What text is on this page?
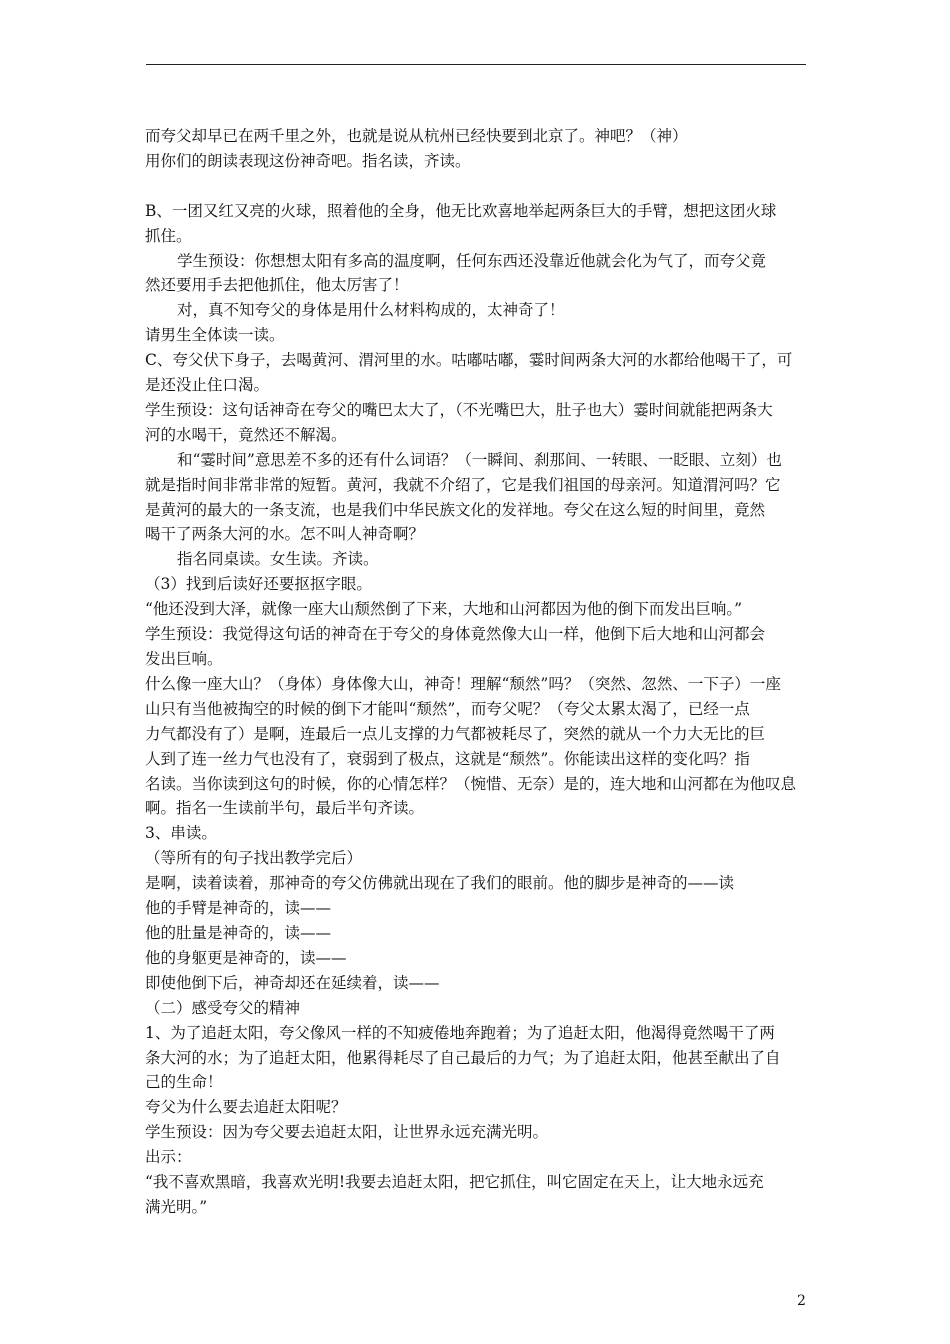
而夸父却早已在两千里之外，也就是说从杭州已经快要到北京了。神吧？（神）

用你们的朗读表现这份神奇吧。指名读，齐读。

B、一团又红又亮的火球，照着他的全身，他无比欢喜地举起两条巨大的手臂，想把这团火球

抓住。

学生预设：你想想太阳有多高的温度啊，任何东西还没靠近他就会化为气了，而夸父竟

然还要用手去把他抓住，他太厉害了！

对，真不知夸父的身体是用什么材料构成的，太神奇了！

请男生全体读一读。

C、夸父伏下身子，去喝黄河、渭河里的水。咕嘟咕嘟，霎时间两条大河的水都给他喝干了，可

是还没止住口渴。

学生预设：这句话神奇在夸父的嘴巴太大了，（不光嘴巴大，肚子也大）霎时间就能把两条大

河的水喝干，竟然还不解渴。

和“霎时间”意思差不多的还有什么词语？（一瞬间、刹那间、一转眼、一眨眼、立刻）也

就是指时间非常非常的短暂。黄河，我就不介绍了，它是我们祖国的母亲河。知道渭河吗？它

是黄河的最大的一条支流，也是我们中华民族文化的发祥地。夸父在这么短的时间里，竟然

喝干了两条大河的水。怎不叫人神奇啊？

指名同桌读。女生读。齐读。

（3）找到后读好还要抠抠字眼。

“他还没到大泽，就像一座大山颓然倒了下来，大地和山河都因为他的倒下而发出巨响。”

学生预设：我觉得这句话的神奇在于夸父的身体竟然像大山一样，他倒下后大地和山河都会

发出巨响。

什么像一座大山？（身体）身体像大山，神奇！理解“颓然”吗？（突然、忽然、一下子）一座

山只有当他被掏空的时候的倒下才能叫“颓然”，而夸父呢？（夸父太累太渴了，已经一点

力气都没有了）是啊，连最后一点儿支撑的力气都被耗尽了，突然的就从一个力大无比的巨

人到了连一丝力气也没有了，衰弱到了极点，这就是“颓然”。你能读出这样的变化吗？指

名读。当你读到这句的时候，你的心情怎样？（惋惜、无奈）是的，连大地和山河都在为他叹息

啊。指名一生读前半句，最后半句齐读。

3、串读。

（等所有的句子找出教学完后）

是啊，读着读着，那神奇的夸父仿佛就出现在了我们的眼前。他的脚步是神奇的——读

他的手臂是神奇的，读——

他的肚量是神奇的，读——

他的身躯更是神奇的，读——

即使他倒下后，神奇却还在延续着，读——

（二）感受夸父的精神

1、为了追赶太阳，夸父像风一样的不知疲倦地奔跑着；为了追赶太阳，他渴得竟然喝干了两

条大河的水；为了追赶太阳，他累得耗尽了自己最后的力气；为了追赶太阳，他甚至献出了自

己的生命！

夸父为什么要去追赶太阳呢？

学生预设：因为夸父要去追赶太阳，让世界永远充满光明。

出示：

“我不喜欢黑暗，我喜欢光明!我要去追赶太阳，把它抓住，叫它固定在天上，让大地永远充

满光明。”

2
